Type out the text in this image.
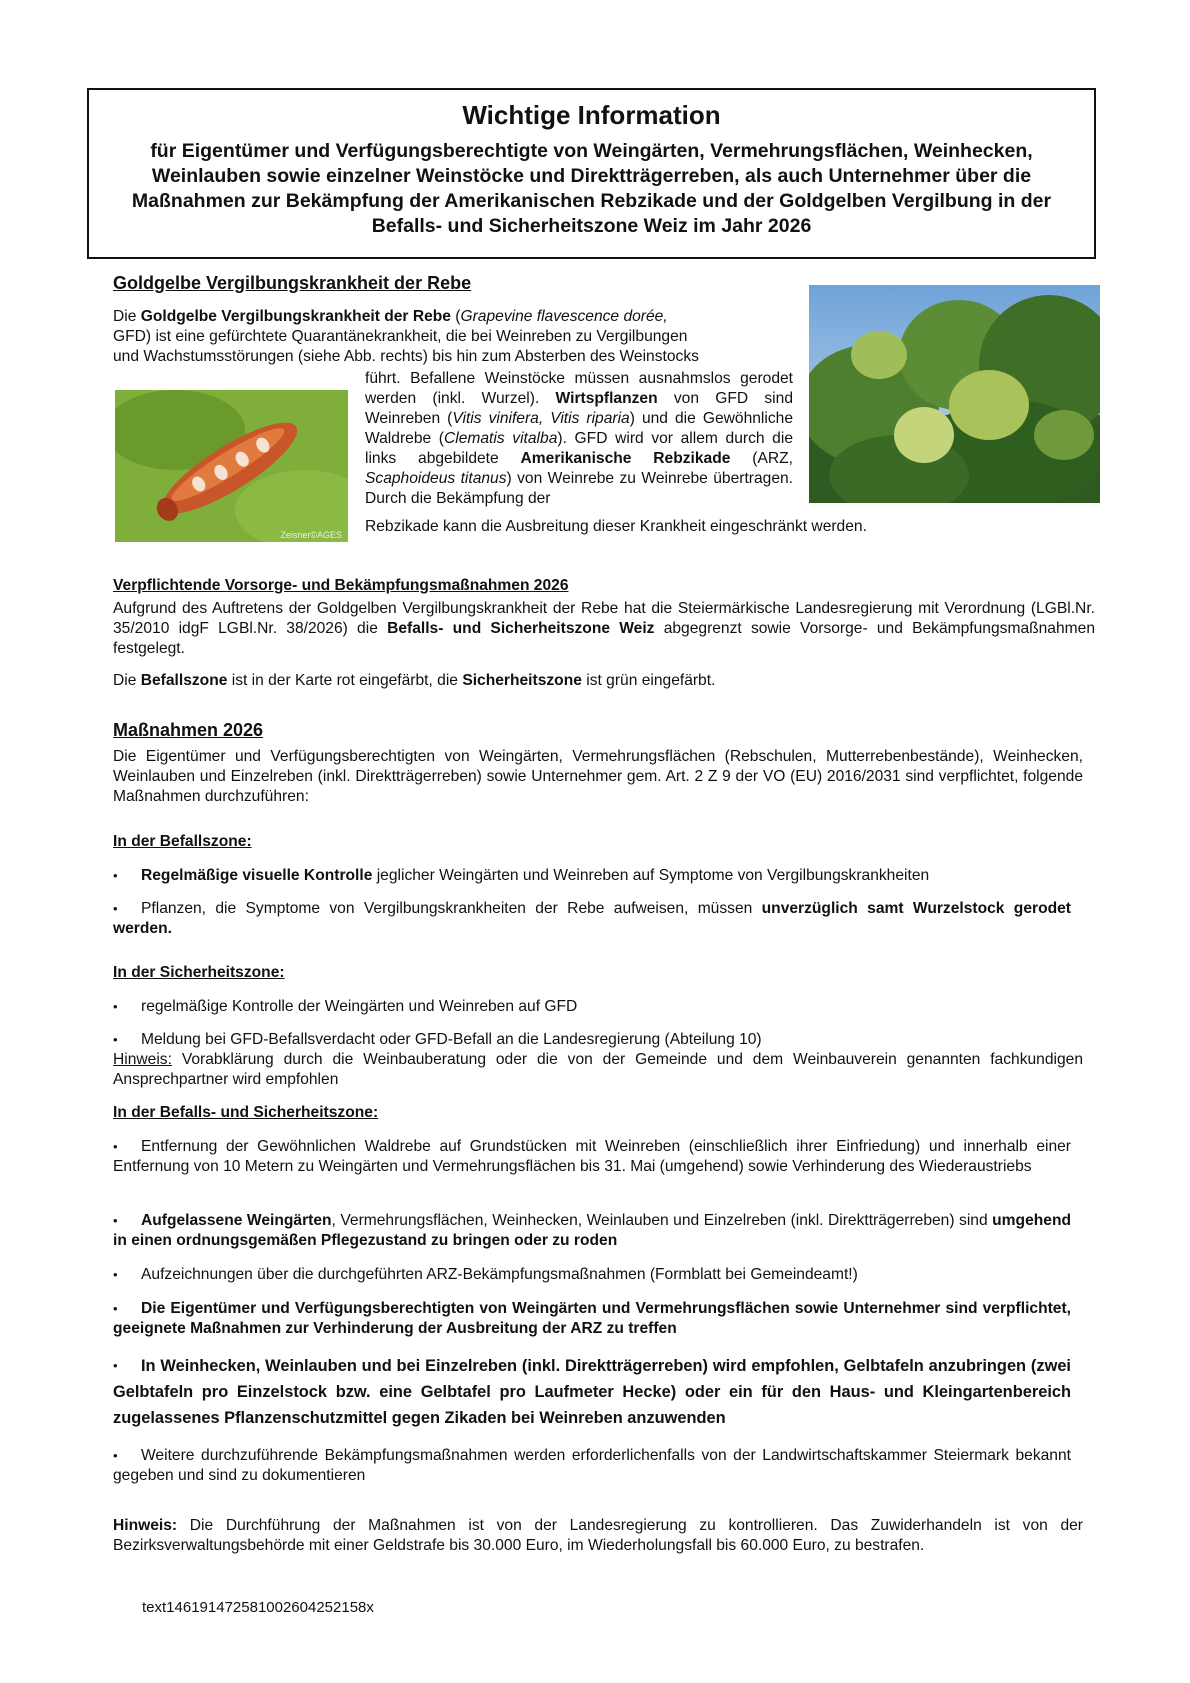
Wichtige Information
für Eigentümer und Verfügungsberechtigte von Weingärten, Vermehrungsflächen, Weinhecken, Weinlauben sowie einzelner Weinstöcke und Direktträgerreben, als auch Unternehmer über die Maßnahmen zur Bekämpfung der Amerikanischen Rebzikade und der Goldgelben Vergilbung in der Befalls- und Sicherheitszone Weiz im Jahr 2026
Goldgelbe Vergilbungskrankheit der Rebe
Die Goldgelbe Vergilbungskrankheit der Rebe (Grapevine flavescence dorée,
GFD) ist eine gefürchtete Quarantänekrankheit, die bei Weinreben zu Vergilbungen
und Wachstumsstörungen (siehe Abb. rechts) bis hin zum Absterben des Weinstocks
Zeisner©AGES
führt. Befallene Weinstöcke müssen ausnahmslos gerodet werden (inkl. Wurzel). Wirtspflanzen von GFD sind Weinreben (Vitis vinifera, Vitis riparia) und die Gewöhnliche Waldrebe (Clematis vitalba). GFD wird vor allem durch die links abgebildete Amerikanische Rebzikade (ARZ, Scaphoideus titanus) von Weinrebe zu Weinrebe übertragen. Durch die Bekämpfung der
Rebzikade kann die Ausbreitung dieser Krankheit eingeschränkt werden.
Verpflichtende Vorsorge- und Bekämpfungsmaßnahmen 2026
Aufgrund des Auftretens der Goldgelben Vergilbungskrankheit der Rebe hat die Steiermärkische Landesregierung mit Verordnung (LGBl.Nr. 35/2010 idgF LGBl.Nr. 38/2026) die Befalls- und Sicherheitszone Weiz abgegrenzt sowie Vorsorge- und Bekämpfungsmaßnahmen festgelegt.
Die Befallszone ist in der Karte rot eingefärbt, die Sicherheitszone ist grün eingefärbt.
Maßnahmen 2026
Die Eigentümer und Verfügungsberechtigten von Weingärten, Vermehrungsflächen (Rebschulen, Mutterrebenbestände), Weinhecken, Weinlauben und Einzelreben (inkl. Direktträgerreben) sowie Unternehmer gem. Art. 2 Z 9 der VO (EU) 2016/2031 sind verpflichtet, folgende Maßnahmen durchzuführen:
In der Befallszone:
•	Regelmäßige visuelle Kontrolle jeglicher Weingärten und Weinreben auf Symptome von Vergilbungskrankheiten
•	Pflanzen, die Symptome von Vergilbungskrankheiten der Rebe aufweisen, müssen unverzüglich samt Wurzelstock gerodet werden.
In der Sicherheitszone:
•	regelmäßige Kontrolle der Weingärten und Weinreben auf GFD
•	Meldung bei GFD-Befallsverdacht oder GFD-Befall an die Landesregierung (Abteilung 10)
Hinweis: Vorabklärung durch die Weinbauberatung oder die von der Gemeinde und dem Weinbauverein genannten fachkundigen Ansprechpartner wird empfohlen
In der Befalls- und Sicherheitszone:
•	Entfernung der Gewöhnlichen Waldrebe auf Grundstücken mit Weinreben (einschließlich ihrer Einfriedung) und innerhalb einer Entfernung von 10 Metern zu Weingärten und Vermehrungsflächen bis 31. Mai (umgehend) sowie Verhinderung des Wiederaustriebs
•	Aufgelassene Weingärten, Vermehrungsflächen, Weinhecken, Weinlauben und Einzelreben (inkl. Direktträgerreben) sind umgehend in einen ordnungsgemäßen Pflegezustand zu bringen oder zu roden
•	Aufzeichnungen über die durchgeführten ARZ-Bekämpfungsmaßnahmen (Formblatt bei Gemeindeamt!)
•	Die Eigentümer und Verfügungsberechtigten von Weingärten und Vermehrungsflächen sowie Unternehmer sind verpflichtet, geeignete Maßnahmen zur Verhinderung der Ausbreitung der ARZ zu treffen
•	In Weinhecken, Weinlauben und bei Einzelreben (inkl. Direktträgerreben) wird empfohlen, Gelbtafeln anzubringen (zwei Gelbtafeln pro Einzelstock bzw. eine Gelbtafel pro Laufmeter Hecke) oder ein für den Haus- und Kleingartenbereich zugelassenes Pflanzenschutzmittel gegen Zikaden bei Weinreben anzuwenden
•	Weitere durchzuführende Bekämpfungsmaßnahmen werden erforderlichenfalls von der Landwirtschaftskammer Steiermark bekannt gegeben und sind zu dokumentieren
Hinweis: Die Durchführung der Maßnahmen ist von der Landesregierung zu kontrollieren. Das Zuwiderhandeln ist von der Bezirksverwaltungsbehörde mit einer Geldstrafe bis 30.000 Euro, im Wiederholungsfall bis 60.000 Euro, zu bestrafen.
text14619147258100260425​2158x
